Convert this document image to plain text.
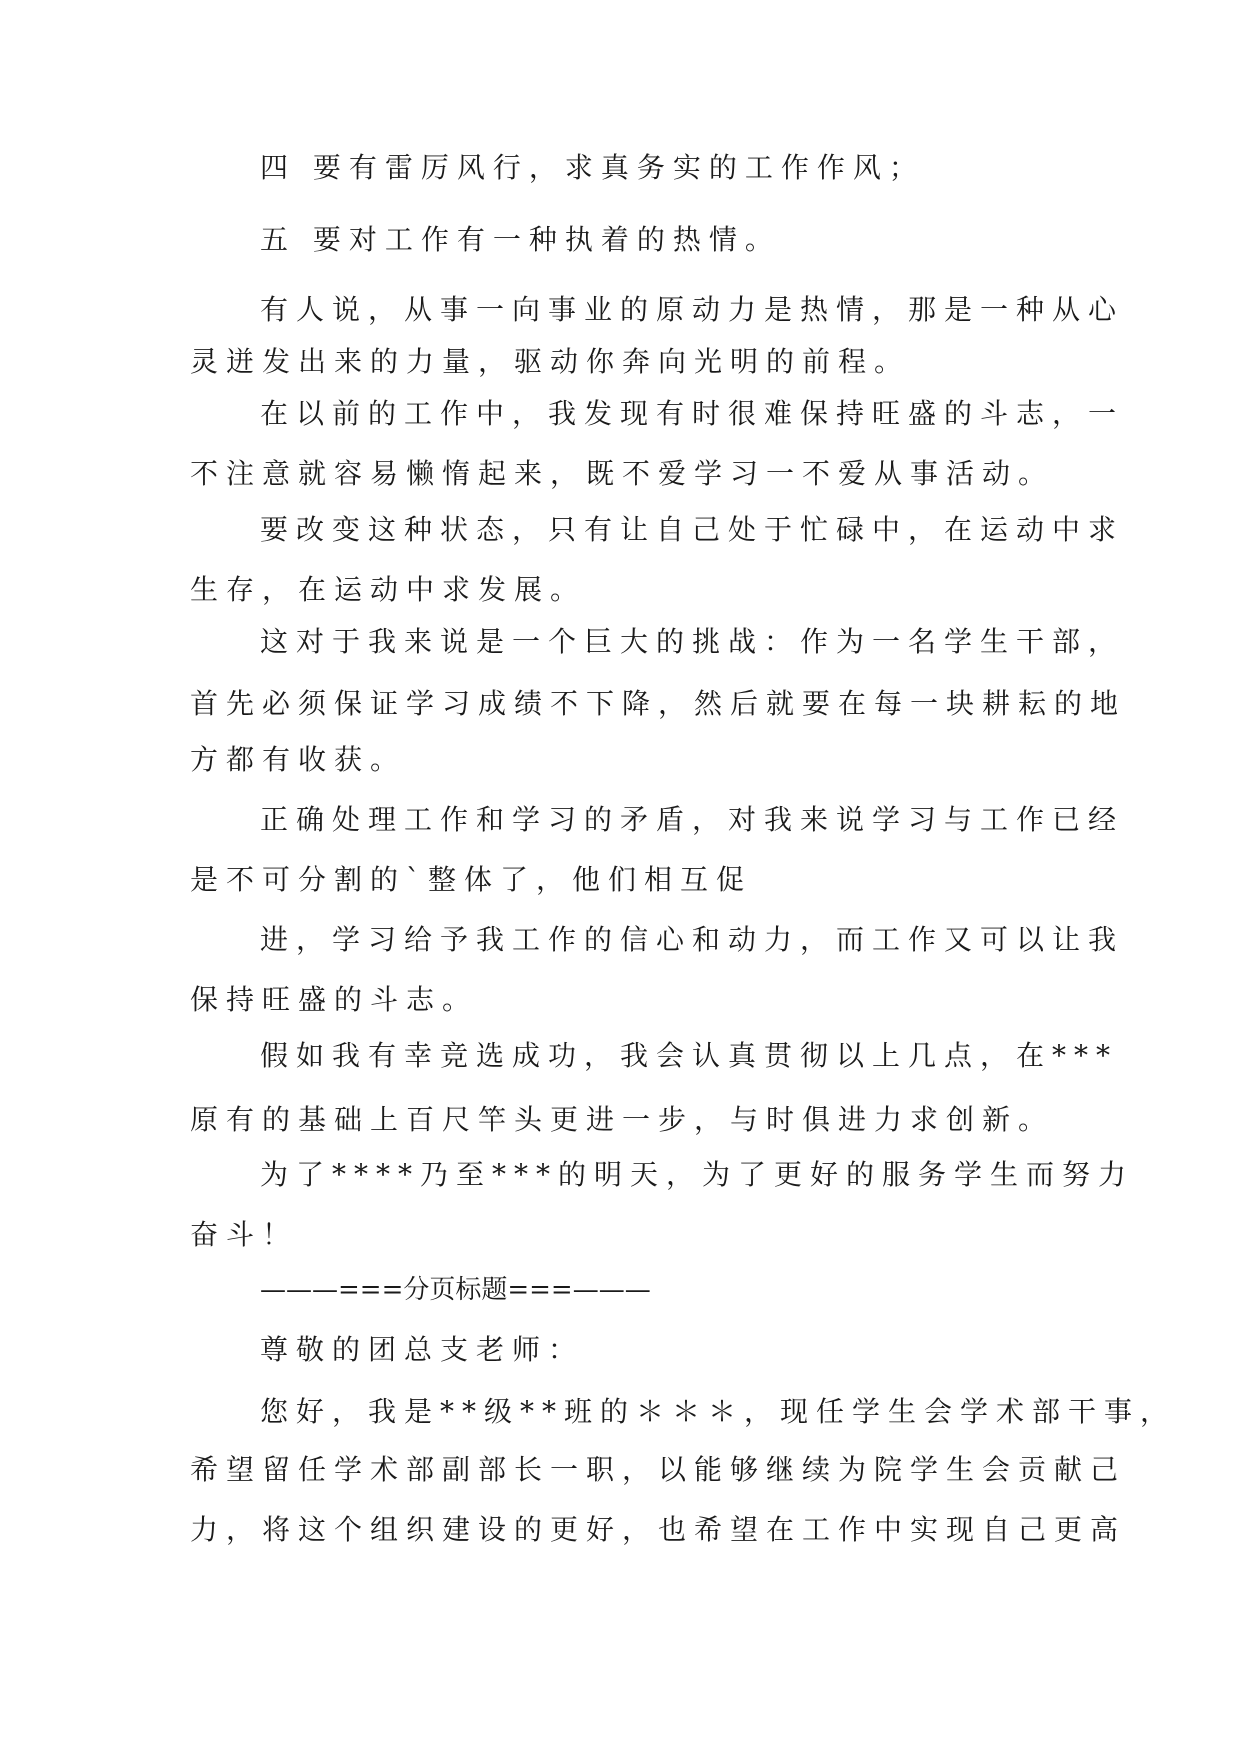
四 要有雷厉风行，求真务实的工作作风；

五 要对工作有一种执着的热情。

有人说，从事一向事业的原动力是热情，那是一种从心

灵迸发出来的力量，驱动你奔向光明的前程。

在以前的工作中，我发现有时很难保持旺盛的斗志，一

不注意就容易懒惰起来，既不爱学习一不爱从事活动。

要改变这种状态，只有让自己处于忙碌中，在运动中求

生存，在运动中求发展。

这对于我来说是一个巨大的挑战：作为一名学生干部，

首先必须保证学习成绩不下降，然后就要在每一块耕耘的地

方都有收获。

正确处理工作和学习的矛盾，对我来说学习与工作已经

是不可分割的`整体了，他们相互促

进，学习给予我工作的信心和动力，而工作又可以让我

保持旺盛的斗志。

假如我有幸竞选成功，我会认真贯彻以上几点，在***

原有的基础上百尺竿头更进一步，与时俱进力求创新。

为了****乃至***的明天，为了更好的服务学生而努力

奋斗！

———===分页标题===———

尊敬的团总支老师：

您好，我是**级**班的＊＊＊，现任学生会学术部干事，

希望留任学术部副部长一职，以能够继续为院学生会贡献己

力，将这个组织建设的更好，也希望在工作中实现自己更高
